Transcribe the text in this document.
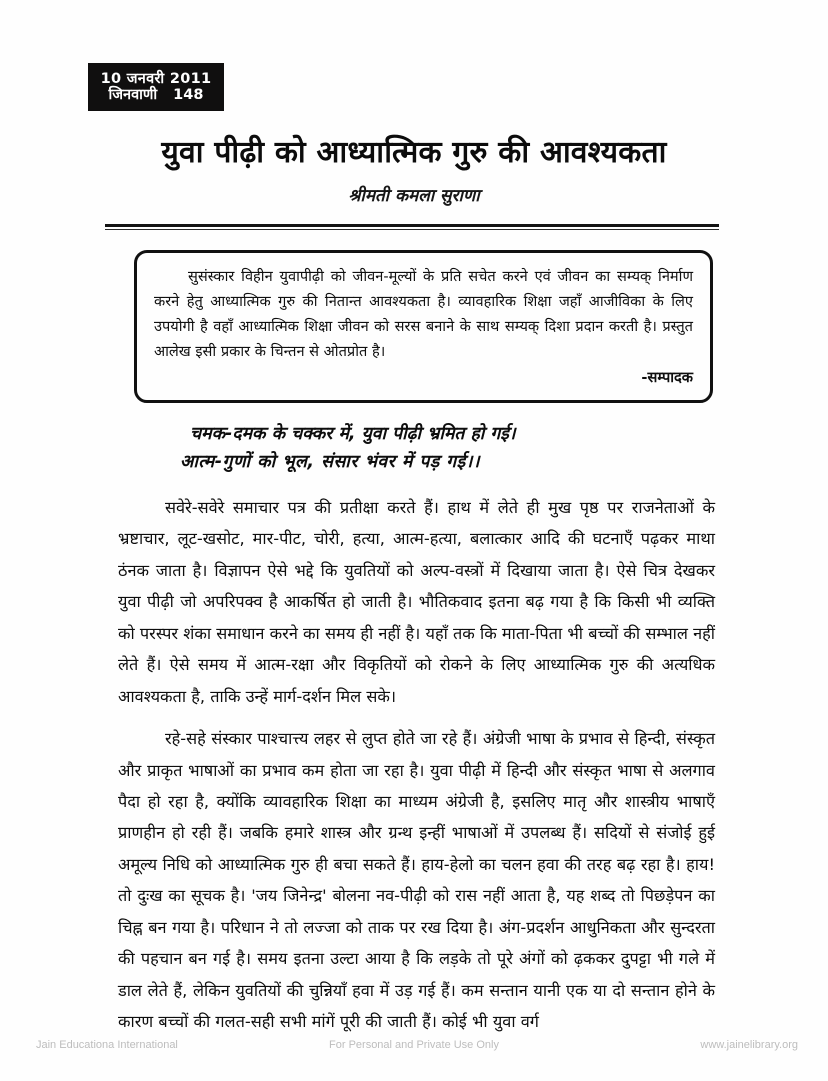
10 जनवरी 2011
जिनवाणी 148
युवा पीढ़ी को आध्यात्मिक गुरु की आवश्यकता
श्रीमती कमला सुराणा

सुसंस्कार विहीन युवापीढ़ी को जीवन-मूल्यों के प्रति सचेत करने एवं जीवन का सम्यक् निर्माण करने हेतु आध्यात्मिक गुरु की नितान्त आवश्यकता है। व्यावहारिक शिक्षा जहाँ आजीविका के लिए उपयोगी है वहाँ आध्यात्मिक शिक्षा जीवन को सरस बनाने के साथ सम्यक् दिशा प्रदान करती है। प्रस्तुत आलेख इसी प्रकार के चिन्तन से ओतप्रोत है।

-सम्पादक
चमक-दमक के चक्कर में, युवा पीढ़ी भ्रमित हो गई।
आत्म-गुणों को भूल, संसार भंवर में पड़ गई।।

सवेरे-सवेरे समाचार पत्र की प्रतीक्षा करते हैं। हाथ में लेते ही मुख पृष्ठ पर राजनेताओं के भ्रष्टाचार, लूट-खसोट, मार-पीट, चोरी, हत्या, आत्म-हत्या, बलात्कार आदि की घटनाएँ पढ़कर माथा ठंनक जाता है। विज्ञापन ऐसे भद्दे कि युवतियों को अल्प-वस्त्रों में दिखाया जाता है। ऐसे चित्र देखकर युवा पीढ़ी जो अपरिपक्व है आकर्षित हो जाती है। भौतिकवाद इतना बढ़ गया है कि किसी भी व्यक्ति को परस्पर शंका समाधान करने का समय ही नहीं है। यहाँ तक कि माता-पिता भी बच्चों की सम्भाल नहीं लेते हैं। ऐसे समय में आत्म-रक्षा और विकृतियों को रोकने के लिए आध्यात्मिक गुरु की अत्यधिक आवश्यकता है, ताकि उन्हें मार्ग-दर्शन मिल सके।

रहे-सहे संस्कार पाश्चात्त्य लहर से लुप्त होते जा रहे हैं। अंग्रेजी भाषा के प्रभाव से हिन्दी, संस्कृत और प्राकृत भाषाओं का प्रभाव कम होता जा रहा है। युवा पीढ़ी में हिन्दी और संस्कृत भाषा से अलगाव पैदा हो रहा है, क्योंकि व्यावहारिक शिक्षा का माध्यम अंग्रेजी है, इसलिए मातृ और शास्त्रीय भाषाएँ प्राणहीन हो रही हैं। जबकि हमारे शास्त्र और ग्रन्थ इन्हीं भाषाओं में उपलब्ध हैं। सदियों से संजोई हुई अमूल्य निधि को आध्यात्मिक गुरु ही बचा सकते हैं। हाय-हेलो का चलन हवा की तरह बढ़ रहा है। हाय! तो दुःख का सूचक है। 'जय जिनेन्द्र' बोलना नव-पीढ़ी को रास नहीं आता है, यह शब्द तो पिछड़ेपन का चिह्न बन गया है। परिधान ने तो लज्जा को ताक पर रख दिया है। अंग-प्रदर्शन आधुनिकता और सुन्दरता की पहचान बन गई है। समय इतना उल्टा आया है कि लड़के तो पूरे अंगों को ढ़ककर दुपट्टा भी गले में डाल लेते हैं, लेकिन युवतियों की चुन्नियाँ हवा में उड़ गई हैं। कम सन्तान यानी एक या दो सन्तान होने के कारण बच्चों की गलत-सही सभी मांगें पूरी की जाती हैं। कोई भी युवा वर्ग

Jain Educationa International	For Personal and Private Use Only	www.jainelibrary.org
